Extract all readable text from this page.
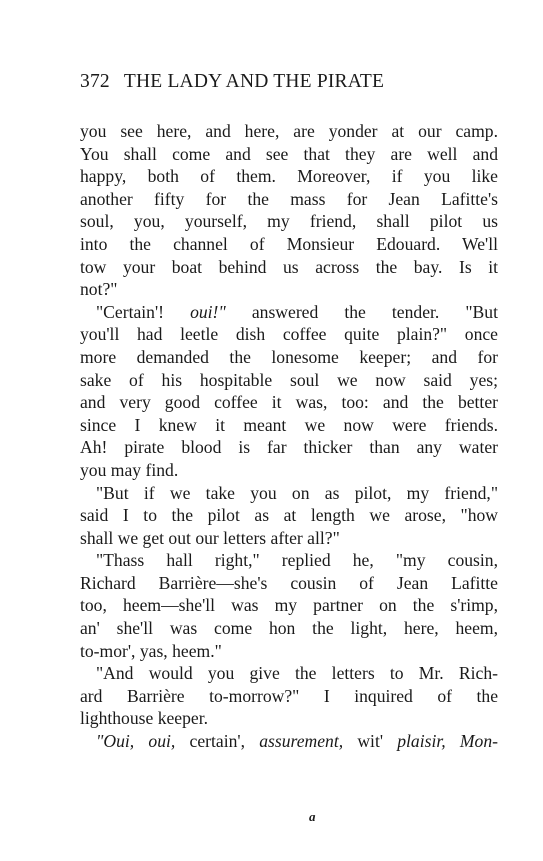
372 THE LADY AND THE PIRATE
you see here, and here, are yonder at our camp.
You shall come and see that they are well and
happy, both of them. Moreover, if you like
another fifty for the mass for Jean Lafitte's
soul, you, yourself, my friend, shall pilot us
into the channel of Monsieur Edouard. We'll
tow your boat behind us across the bay. Is it
not?"
"Certain'! oui!" answered the tender. "But
you'll had leetle dish coffee quite plain?" once
more demanded the lonesome keeper; and for
sake of his hospitable soul we now said yes;
and very good coffee it was, too: and the better
since I knew it meant we now were friends.
Ah! pirate blood is far thicker than any water
you may find.
"But if we take you on as pilot, my friend,"
said I to the pilot as at length we arose, "how
shall we get out our letters after all?"
"Thass hall right," replied he, "my cousin,
Richard Barrière—she's cousin of Jean Lafitte
too, heem—she'll was my partner on the s'rimp,
an' she'll was come hon the light, here, heem,
to-mor', yas, heem."
"And would you give the letters to Mr. Rich-
ard Barrière to-morrow?" I inquired of the
lighthouse keeper.
"Oui, oui, certain', assurement, wit' plaisir, Mon-
a
